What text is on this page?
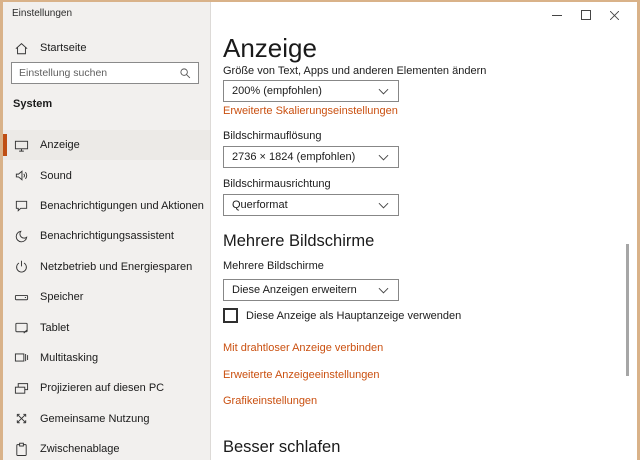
Einstellungen
Startseite
Einstellung suchen
System
Anzeige
Sound
Benachrichtigungen und Aktionen
Benachrichtigungsassistent
Netzbetrieb und Energiesparen
Speicher
Tablet
Multitasking
Projizieren auf diesen PC
Gemeinsame Nutzung
Zwischenablage
Anzeige
Größe von Text, Apps und anderen Elementen ändern
200% (empfohlen)
Erweiterte Skalierungseinstellungen
Bildschirmauflösung
2736 × 1824 (empfohlen)
Bildschirmausrichtung
Querformat
Mehrere Bildschirme
Mehrere Bildschirme
Diese Anzeigen erweitern
Diese Anzeige als Hauptanzeige verwenden
Mit drahtloser Anzeige verbinden
Erweiterte Anzeigeeinstellungen
Grafikeinstellungen
Besser schlafen
